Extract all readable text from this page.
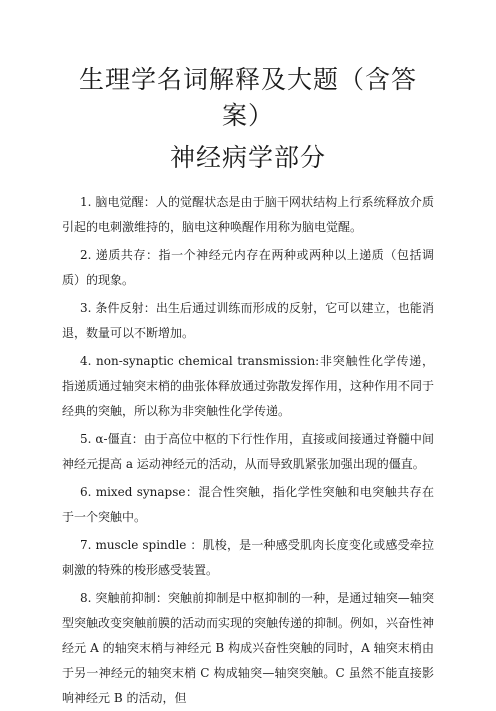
生理学名词解释及大题（含答案）
神经病学部分

1. 脑电觉醒：人的觉醒状态是由于脑干网状结构上行系统释放介质引起的电刺激维持的，脑电这种唤醒作用称为脑电觉醒。

2. 递质共存：指一个神经元内存在两种或两种以上递质（包括调质）的现象。

3. 条件反射：出生后通过训练而形成的反射，它可以建立，也能消退，数量可以不断增加。

4. non-synaptic chemical transmission:非突触性化学传递，指递质通过轴突末梢的曲张体释放通过弥散发挥作用，这种作用不同于经典的突触，所以称为非突触性化学传递。

5. α-僵直：由于高位中枢的下行性作用，直接或间接通过脊髓中间神经元提高 a 运动神经元的活动，从而导致肌紧张加强出现的僵直。

6. mixed synapse：混合性突触，指化学性突触和电突触共存在于一个突触中。

7. muscle spindle ：肌梭，是一种感受肌肉长度变化或感受牵拉刺激的特殊的梭形感受装置。

8. 突触前抑制：突触前抑制是中枢抑制的一种，是通过轴突—轴突型突触改变突触前膜的活动而实现的突触传递的抑制。例如，兴奋性神经元 A 的轴突末梢与神经元 B 构成兴奋性突触的同时，A 轴突末梢由于另一神经元的轴突末梢 C 构成轴突—轴突突触。C 虽然不能直接影响神经元 B 的活动，但
